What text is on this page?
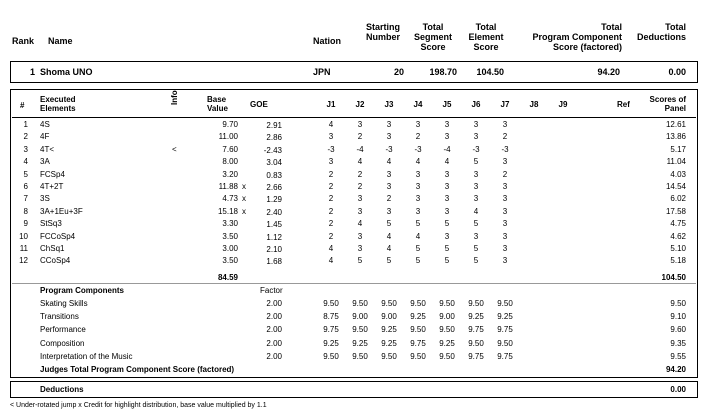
Rank Name	Nation
Starting
Number
Total
Segment
Score
Total
Element
Score
Total
Program Component
Score (factored)
Total
Deductions
1 Shoma UNO	JPN	20	198.70	104.50	94.20	0.00
#
Executed
Elements
Info	Base
Value	GOE	J1	J2	J3	J4	J5	J6	J7	J8	J9	Ref
Scores of
Panel
1 4S	9.70	2.91	4	3	3	3	3	3	3	12.61
2 4F	11.00	2.86	3	2	3	2	3	3	2	13.86
3 4T<	<	7.60	-2.43	-3	-4	-3	-3	-4	-3	-3	5.17
4 3A	8.00	3.04	3	4	4	4	4	5	3	11.04
5 FCSp4	3.20	0.83	2	2	3	3	3	3	2	4.03
6 4T+2T	11.88 x	2.66	2	2	3	3	3	3	3	14.54
7 3S	4.73 x	1.29	2	3	2	3	3	3	3	6.02
8 3A+1Eu+3F	15.18 x	2.40	2	3	3	3	3	4	3	17.58
9 StSq3	3.30	1.45	2	4	5	5	5	5	3	4.75
10 FCCoSp4	3.50	1.12	2	3	4	4	3	3	3	4.62
11 ChSq1	3.00	2.10	4	3	4	5	5	5	3	5.10
12 CCoSp4	3.50	1.68	4	5	5	5	5	5	3	5.18
84.59	104.50
Program Components	Factor
Skating Skills	2.00	9.50	9.50	9.50	9.50	9.50	9.50	9.50	9.50
Transitions	2.00	8.75	9.00	9.00	9.25	9.00	9.25	9.25	9.10
Performance	2.00	9.75	9.50	9.25	9.50	9.50	9.75	9.75	9.60
Composition	2.00	9.25	9.25	9.25	9.75	9.25	9.50	9.50	9.35
Interpretation of the Music	2.00	9.50	9.50	9.50	9.50	9.50	9.75	9.75	9.55
Judges Total Program Component Score (factored)	94.20
Deductions	0.00
< Under-rotated jump x Credit for highlight distribution, base value multiplied by 1.1
